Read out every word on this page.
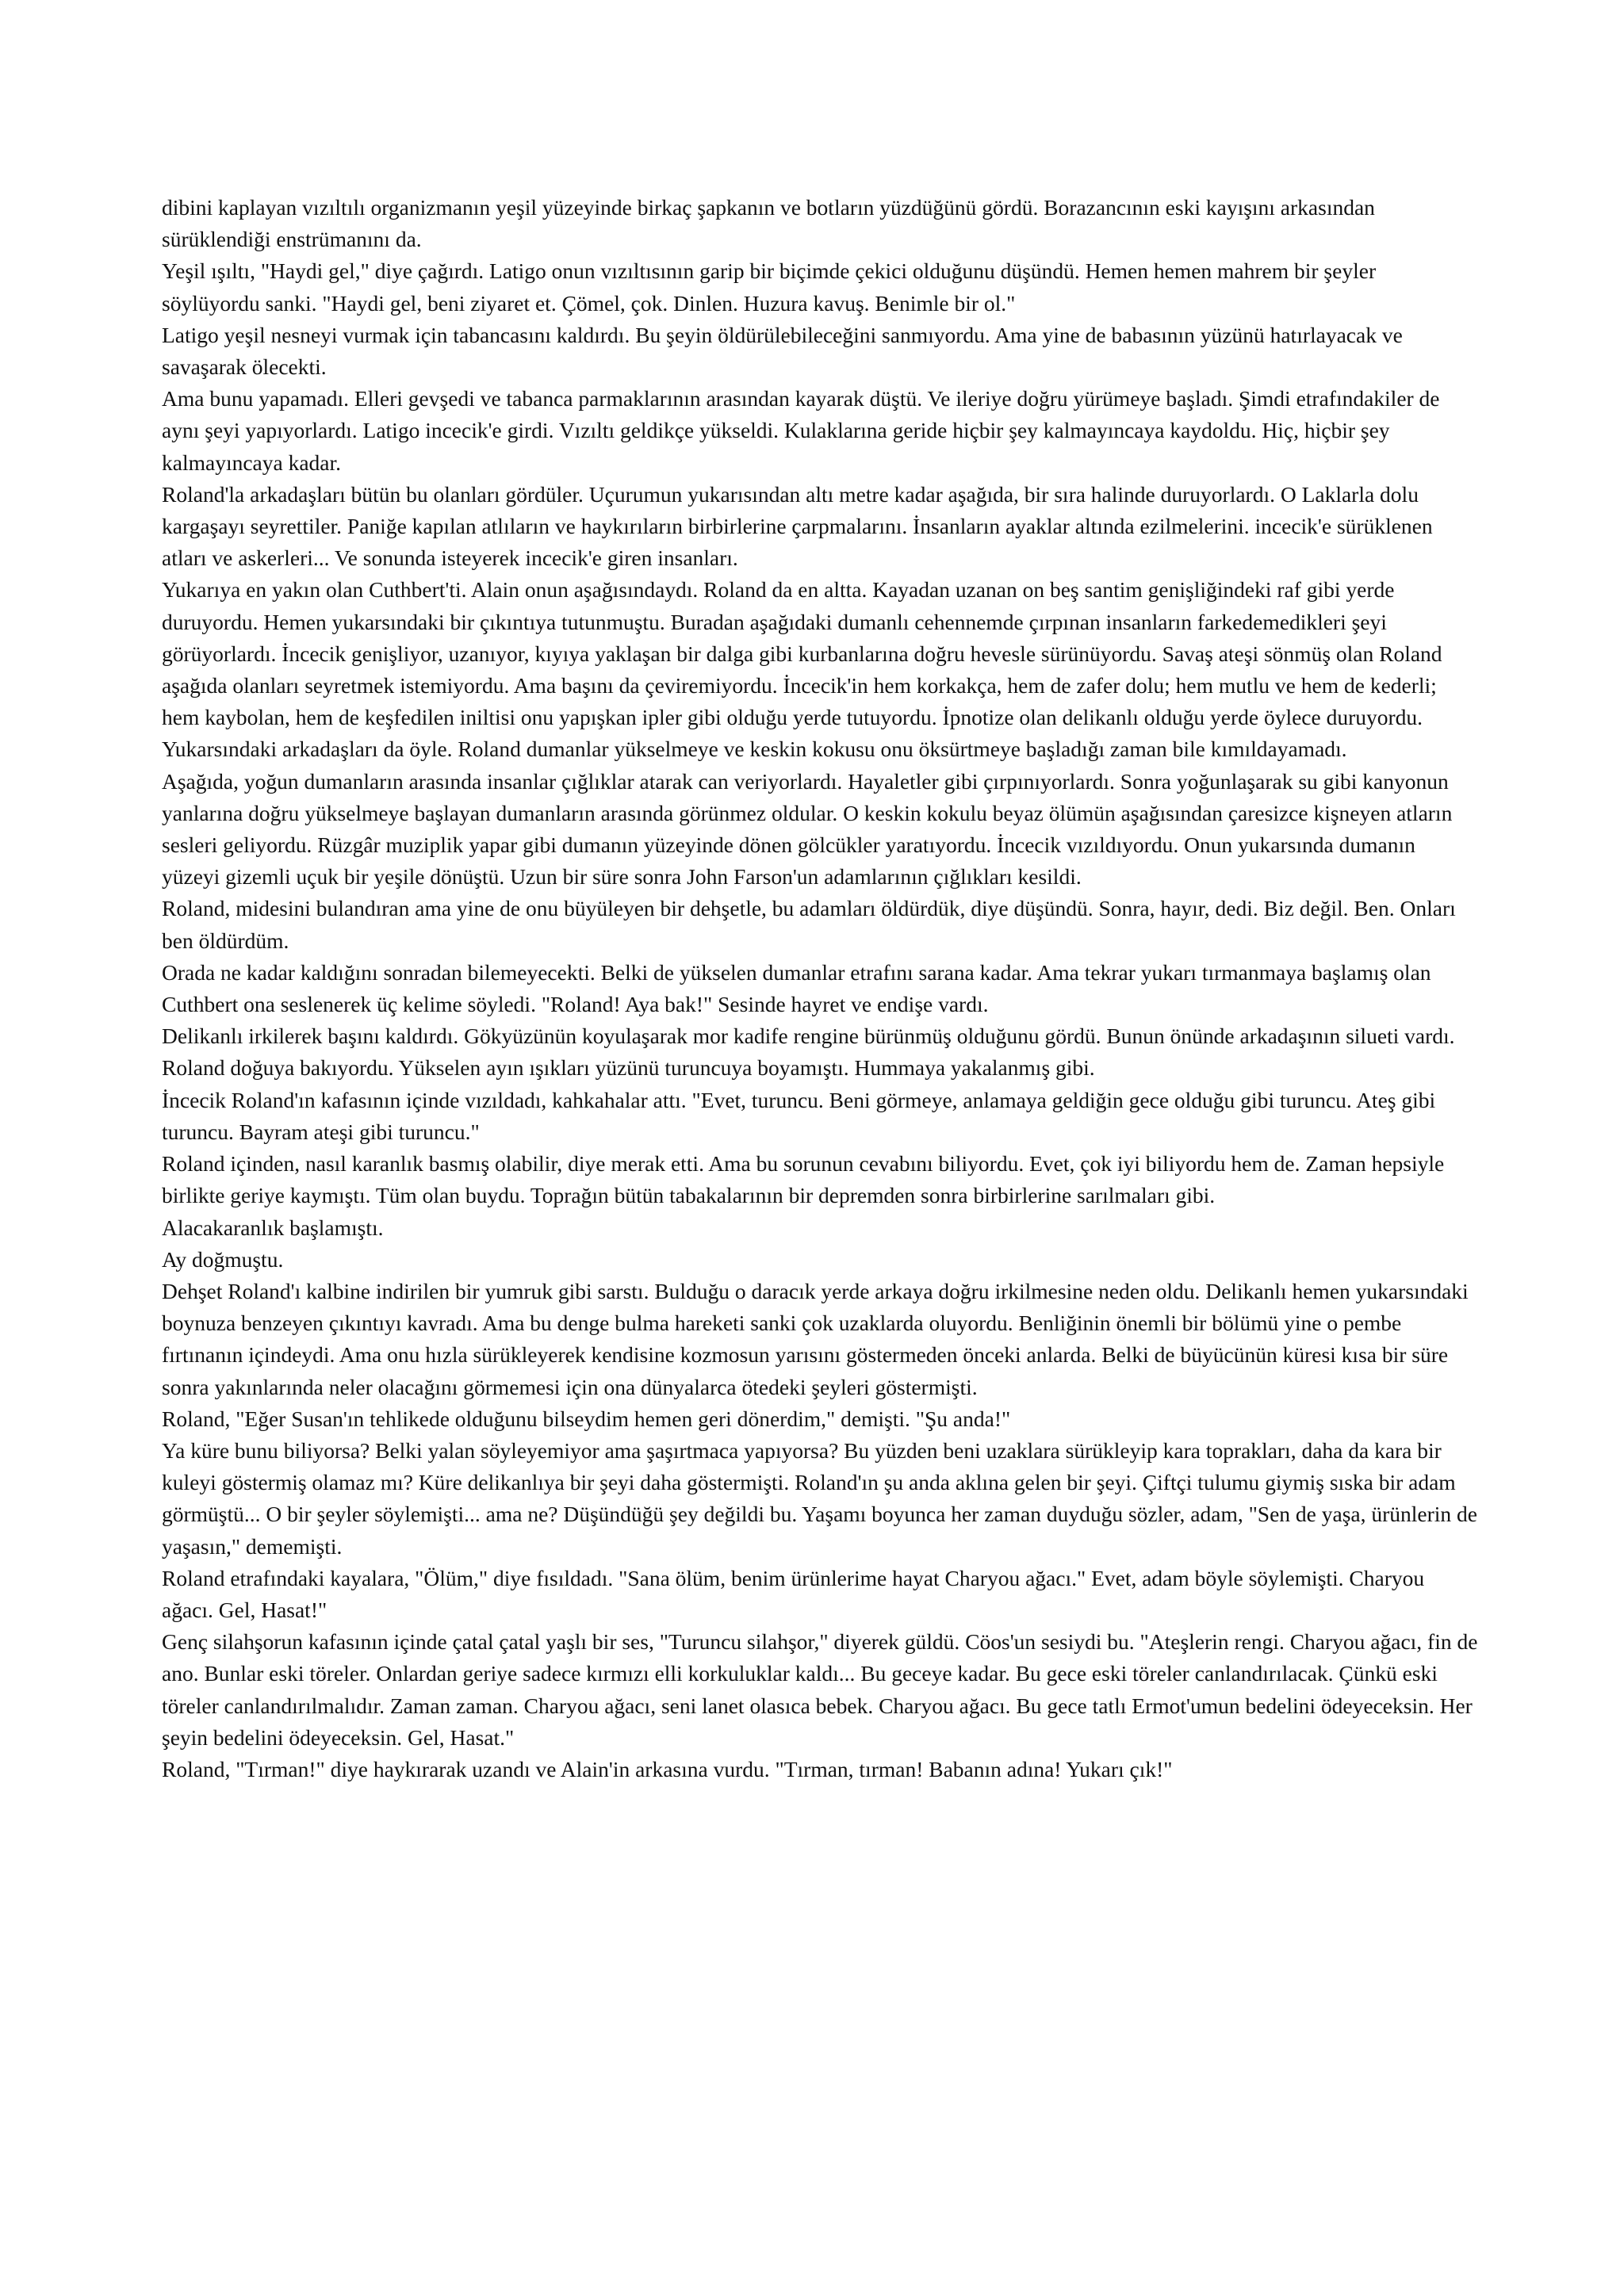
dibini kaplayan vızıltılı organizmanın yeşil yüzeyinde birkaç şapkanın ve botların yüzdüğünü gördü. Borazancının eski kayışını arkasından sürüklendiği enstrümanını da.

Yeşil ışıltı, "Haydi gel," diye çağırdı. Latigo onun vızıltısının garip bir biçimde çekici olduğunu düşündü. Hemen hemen mahrem bir şeyler söylüyordu sanki. "Haydi gel, beni ziyaret et. Çömel, çok. Dinlen. Huzura kavuş. Benimle bir ol."

Latigo yeşil nesneyi vurmak için tabancasını kaldırdı. Bu şeyin öldürülebileceğini sanmıyordu. Ama yine de babasının yüzünü hatırlayacak ve savaşarak ölecekti.

Ama bunu yapamadı. Elleri gevşedi ve tabanca parmaklarının arasından kayarak düştü. Ve ileriye doğru yürümeye başladı. Şimdi etrafındakiler de aynı şeyi yapıyorlardı. Latigo incecik'e girdi. Vızıltı geldikçe yükseldi. Kulaklarına geride hiçbir şey kalmayıncaya kaydoldu. Hiç, hiçbir şey kalmayıncaya kadar.

Roland'la arkadaşları bütün bu olanları gördüler. Uçurumun yukarısından altı metre kadar aşağıda, bir sıra halinde duruyorlardı. O Laklarla dolu kargaşayı seyrettiler. Paniğe kapılan atlıların ve haykırıların birbirlerine çarpmalarını. İnsanların ayaklar altında ezilmelerini. incecik'e sürüklenen atları ve askerleri... Ve sonunda isteyerek incecik'e giren insanları.

Yukarıya en yakın olan Cuthbert'ti. Alain onun aşağısındaydı. Roland da en altta. Kayadan uzanan on beş santim genişliğindeki raf gibi yerde duruyordu. Hemen yukarsındaki bir çıkıntıya tutunmuştu. Buradan aşağıdaki dumanlı cehennemde çırpınan insanların farkedemedikleri şeyi görüyorlardı. İncecik genişliyor, uzanıyor, kıyıya yaklaşan bir dalga gibi kurbanlarına doğru hevesle sürünüyordu. Savaş ateşi sönmüş olan Roland aşağıda olanları seyretmek istemiyordu. Ama başını da çeviremiyordu. İncecik'in hem korkakça, hem de zafer dolu; hem mutlu ve hem de kederli; hem kaybolan, hem de keşfedilen iniltisi onu yapışkan ipler gibi olduğu yerde tutuyordu. İpnotize olan delikanlı olduğu yerde öylece duruyordu. Yukarsındaki arkadaşları da öyle. Roland dumanlar yükselmeye ve keskin kokusu onu öksürtmeye başladığı zaman bile kımıldayamadı.

Aşağıda, yoğun dumanların arasında insanlar çığlıklar atarak can veriyorlardı. Hayaletler gibi çırpınıyorlardı. Sonra yoğunlaşarak su gibi kanyonun yanlarına doğru yükselmeye başlayan dumanların arasında görünmez oldular. O keskin kokulu beyaz ölümün aşağısından çaresizce kişneyen atların sesleri geliyordu. Rüzgâr muziplik yapar gibi dumanın yüzeyinde dönen gölcükler yaratıyordu. İncecik vızıldıyordu. Onun yukarsında dumanın yüzeyi gizemli uçuk bir yeşile dönüştü. Uzun bir süre sonra John Farson'un adamlarının çığlıkları kesildi.

Roland, midesini bulandıran ama yine de onu büyüleyen bir dehşetle, bu adamları öldürdük, diye düşündü. Sonra, hayır, dedi. Biz değil. Ben. Onları ben öldürdüm.

Orada ne kadar kaldığını sonradan bilemeyecekti. Belki de yükselen dumanlar etrafını sarana kadar. Ama tekrar yukarı tırmanmaya başlamış olan Cuthbert ona seslenerek üç kelime söyledi. "Roland! Aya bak!" Sesinde hayret ve endişe vardı.

Delikanlı irkilerek başını kaldırdı. Gökyüzünün koyulaşarak mor kadife rengine bürünmüş olduğunu gördü. Bunun önünde arkadaşının silueti vardı. Roland doğuya bakıyordu. Yükselen ayın ışıkları yüzünü turuncuya boyamıştı. Hummaya yakalanmış gibi.

İncecik Roland'ın kafasının içinde vızıldadı, kahkahalar attı. "Evet, turuncu. Beni görmeye, anlamaya geldiğin gece olduğu gibi turuncu. Ateş gibi turuncu. Bayram ateşi gibi turuncu."

Roland içinden, nasıl karanlık basmış olabilir, diye merak etti. Ama bu sorunun cevabını biliyordu. Evet, çok iyi biliyordu hem de. Zaman hepsiyle birlikte geriye kaymıştı. Tüm olan buydu. Toprağın bütün tabakalarının bir depremden sonra birbirlerine sarılmaları gibi.

Alacakaranlık başlamıştı.

Ay doğmuştu.

Dehşet Roland'ı kalbine indirilen bir yumruk gibi sarstı. Bulduğu o daracık yerde arkaya doğru irkilmesine neden oldu. Delikanlı hemen yukarsındaki boynuza benzeyen çıkıntıyı kavradı. Ama bu denge bulma hareketi sanki çok uzaklarda oluyordu. Benliğinin önemli bir bölümü yine o pembe fırtınanın içindeydi. Ama onu hızla sürükleyerek kendisine kozmosun yarısını göstermeden önceki anlarda. Belki de büyücünün küresi kısa bir süre sonra yakınlarında neler olacağını görmemesi için ona dünyalarca ötedeki şeyleri göstermişti.

Roland, "Eğer Susan'ın tehlikede olduğunu bilseydim hemen geri dönerdim," demişti. "Şu anda!"

Ya küre bunu biliyorsa? Belki yalan söyleyemiyor ama şaşırtmaca yapıyorsa? Bu yüzden beni uzaklara sürükleyip kara toprakları, daha da kara bir kuleyi göstermiş olamaz mı? Küre delikanlıya bir şeyi daha göstermişti. Roland'ın şu anda aklına gelen bir şeyi. Çiftçi tulumu giymiş sıska bir adam görmüştü... O bir şeyler söylemişti... ama ne? Düşündüğü şey değildi bu. Yaşamı boyunca her zaman duyduğu sözler, adam, "Sen de yaşa, ürünlerin de yaşasın," dememişti.

Roland etrafındaki kayalara, "Ölüm," diye fısıldadı. "Sana ölüm, benim ürünlerime hayat Charyou ağacı." Evet, adam böyle söylemişti. Charyou ağacı. Gel, Hasat!"

Genç silahşorun kafasının içinde çatal çatal yaşlı bir ses, "Turuncu silahşor," diyerek güldü. Cöos'un sesiydi bu. "Ateşlerin rengi. Charyou ağacı, fin de ano. Bunlar eski töreler. Onlardan geriye sadece kırmızı elli korkuluklar kaldı... Bu geceye kadar. Bu gece eski töreler canlandırılacak. Çünkü eski töreler canlandırılmalıdır. Zaman zaman. Charyou ağacı, seni lanet olasıca bebek. Charyou ağacı. Bu gece tatlı Ermot'umun bedelini ödeyeceksin. Her şeyin bedelini ödeyeceksin. Gel, Hasat."

Roland, "Tırman!" diye haykırarak uzandı ve Alain'in arkasına vurdu. "Tırman, tırman! Babanın adına! Yukarı çık!"
